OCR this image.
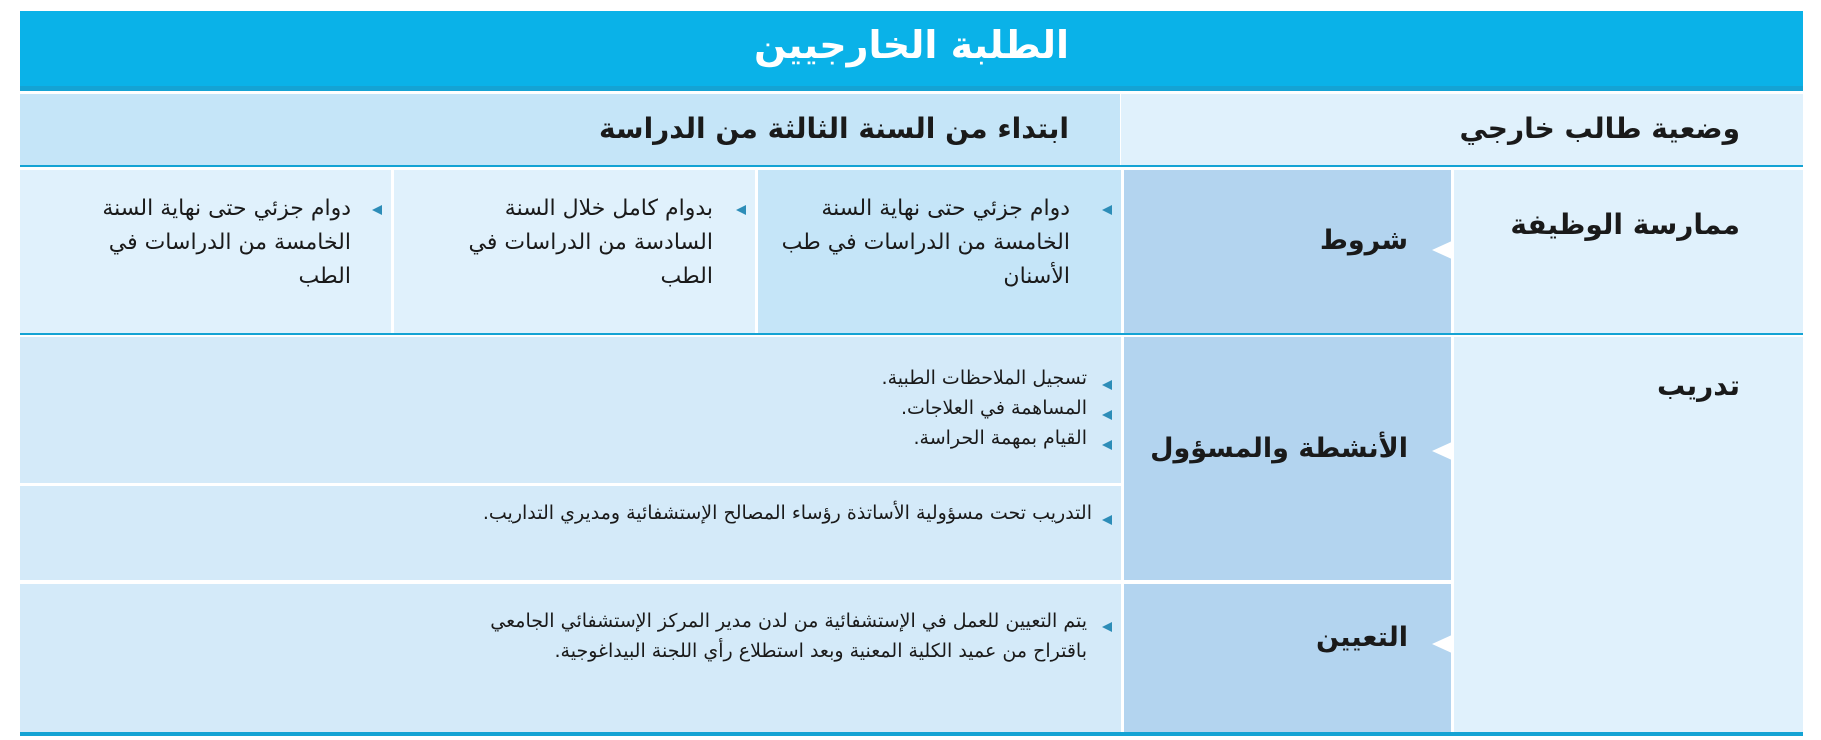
الطلبة الخارجيين
وضعية طالب خارجي
ابتداء من السنة الثالثة من الدراسة
ممارسة الوظيفة
شروط
دوام جزئي حتى نهاية السنة الخامسة من الدراسات في طب الأسنان
بدوام كامل خلال السنة السادسة من الدراسات في الطب
دوام جزئي حتى نهاية السنة الخامسة من الدراسات في الطب
تدريب
الأنشطة والمسؤول
تسجيل الملاحظات الطبية.
المساهمة في العلاجات.
القيام بمهمة الحراسة.
التدريب تحت مسؤولية الأساتذة رؤساء المصالح الإستشفائية ومديري التداريب.
التعيين
يتم التعيين للعمل في الإستشفائية من لدن مدير المركز الإستشفائي الجامعي
باقتراح من عميد الكلية المعنية وبعد استطلاع رأي اللجنة البيداغوجية.
